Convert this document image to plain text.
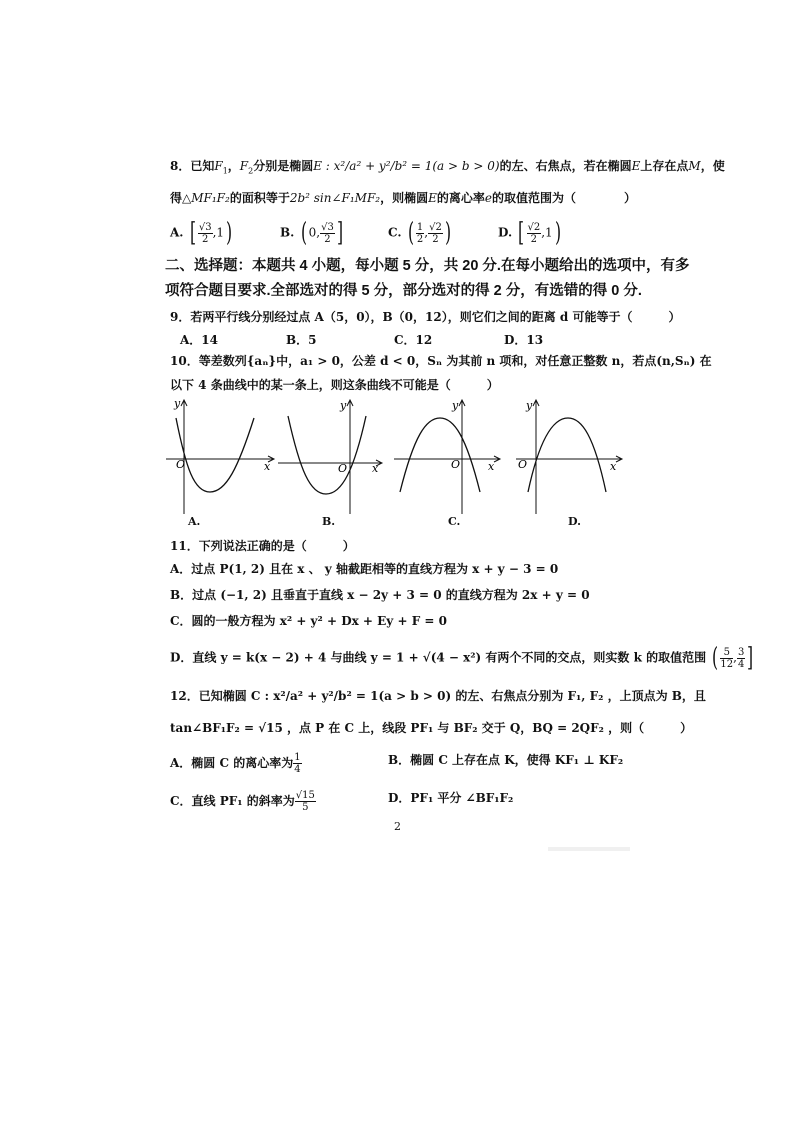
8．已知$F_1$，$F_2$分别是椭圆E : x²/a² + y²/b² = 1(a > b > 0)的左、右焦点，若在椭圆E上存在点M，使
得△MF₁F₂的面积等于2b² sin∠F₁MF₂，则椭圆E的离心率e的取值范围为（　　　　）
A. [ $\frac{√3}{2} ,1$)	B. ( 0, $\frac{√3}{2}$ ]	C. ( $\frac{1}{2}$ , $\frac{√2}{2}$ )	D. [ $\frac{√2}{2} ,1$)
二、选择题：本题共 4 小题，每小题 5 分，共 20 分.在每小题给出的选项中，有多
项符合题目要求.全部选对的得 5 分，部分选对的得 2 分，有选错的得 0 分.
9．若两平行线分别经过点 A（5，0），B（0，12），则它们之间的距离 d 可能等于（　　　）
A．14	B．5	C．12	D．13
10．等差数列{aₙ}中，a₁ > 0，公差 d < 0，Sₙ 为其前 n 项和，对任意正整数 n，若点(n,Sₙ) 在
以下 4 条曲线中的某一条上，则这条曲线不可能是（　　　）
O	x
y
A.
O x
y
B.
O	x
y
C.
O	x
y
D.
11．下列说法正确的是（　　　）
A．过点 P(1, 2) 且在 x 、 y 轴截距相等的直线方程为 x + y − 3 = 0
B．过点 (−1, 2) 且垂直于直线 x − 2y + 3 = 0 的直线方程为 2x + y = 0
C．圆的一般方程为 x² + y² + Dx + Ey + F = 0
D．直线 y = k(x − 2) + 4 与曲线 y = 1 + √(4 − x²) 有两个不同的交点，则实数 k 的取值范围 ( $\frac{5}{12}$ , $\frac{3}{4}$ ]
12．已知椭圆 C : x²/a² + y²/b² = 1(a > b > 0) 的左、右焦点分别为 F₁, F₂ ，上顶点为 B，且
tan∠BF₁F₂ = √15 ，点 P 在 C 上，线段 PF₁ 与 BF₂ 交于 Q，BQ = 2QF₂ ，则（　　　）
A．椭圆 C 的离心率为 $\frac{1}{4}$	B．椭圆 C 上存在点 K，使得 KF₁ ⊥ KF₂
C．直线 PF₁ 的斜率为 $\frac{√15}{5}$	D．PF₁ 平分 ∠BF₁F₂
2
